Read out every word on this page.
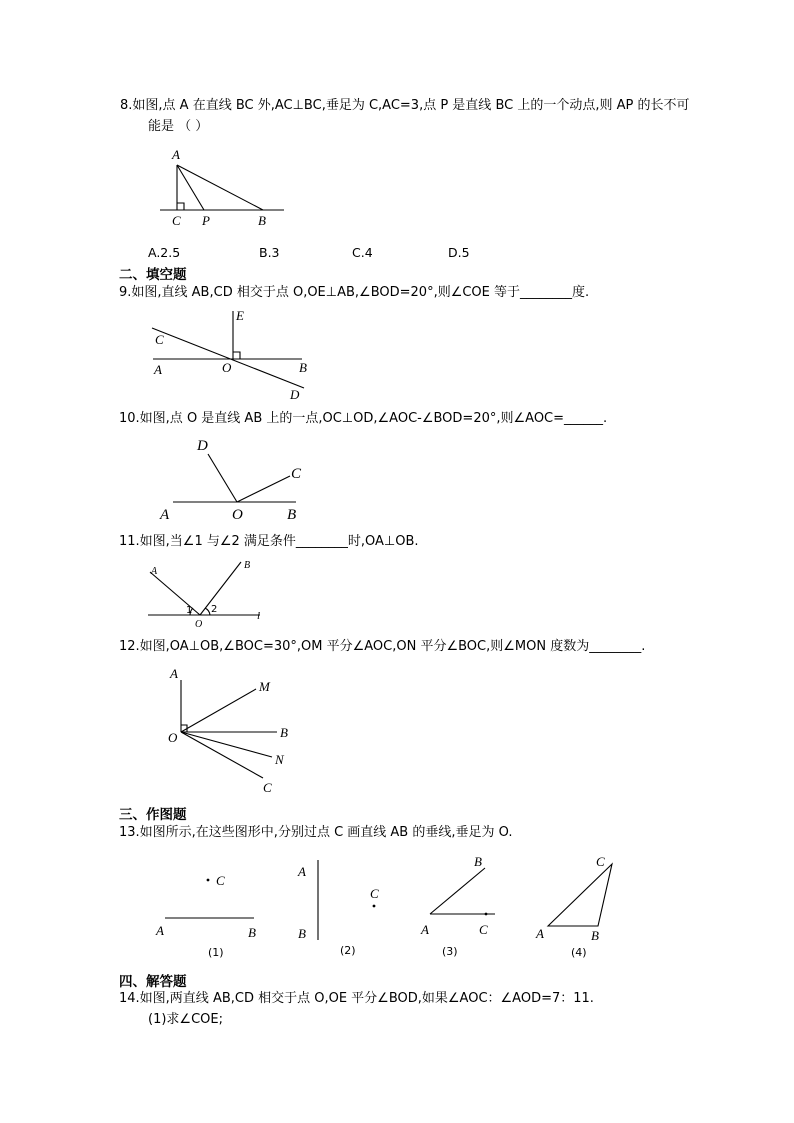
8.如图,点 A 在直线 BC 外,AC⊥BC,垂足为 C,AC=3,点 P 是直线 BC 上的一个动点,则 AP 的长不可
能是 （ ）
A
C P	B
A.2.5	B.3	C.4	D.5
二、填空题
9.如图,直线 AB,CD 相交于点 O,OE⊥AB,∠BOD=20°,则∠COE 等于________度.
E
C
A	O	B
D
10.如图,点 O 是直线 AB 上的一点,OC⊥OD,∠AOC-∠BOD=20°,则∠AOC=______.
D
C
A	O	B
11.如图,当∠1 与∠2 满足条件________时,OA⊥OB.
A
B
1 2
O
l
12.如图,OA⊥OB,∠BOC=30°,OM 平分∠AOC,ON 平分∠BOC,则∠MON 度数为________.
A
M
O	B
N
C
三、作图题
13.如图所示,在这些图形中,分别过点 C 画直线 AB 的垂线,垂足为 O.
C
A	B
(1)
A
B
C
(2)
B
A	C
(3)
C
A	B
(4)
四、解答题
14.如图,两直线 AB,CD 相交于点 O,OE 平分∠BOD,如果∠AOC：∠AOD=7：11.
(1)求∠COE;
